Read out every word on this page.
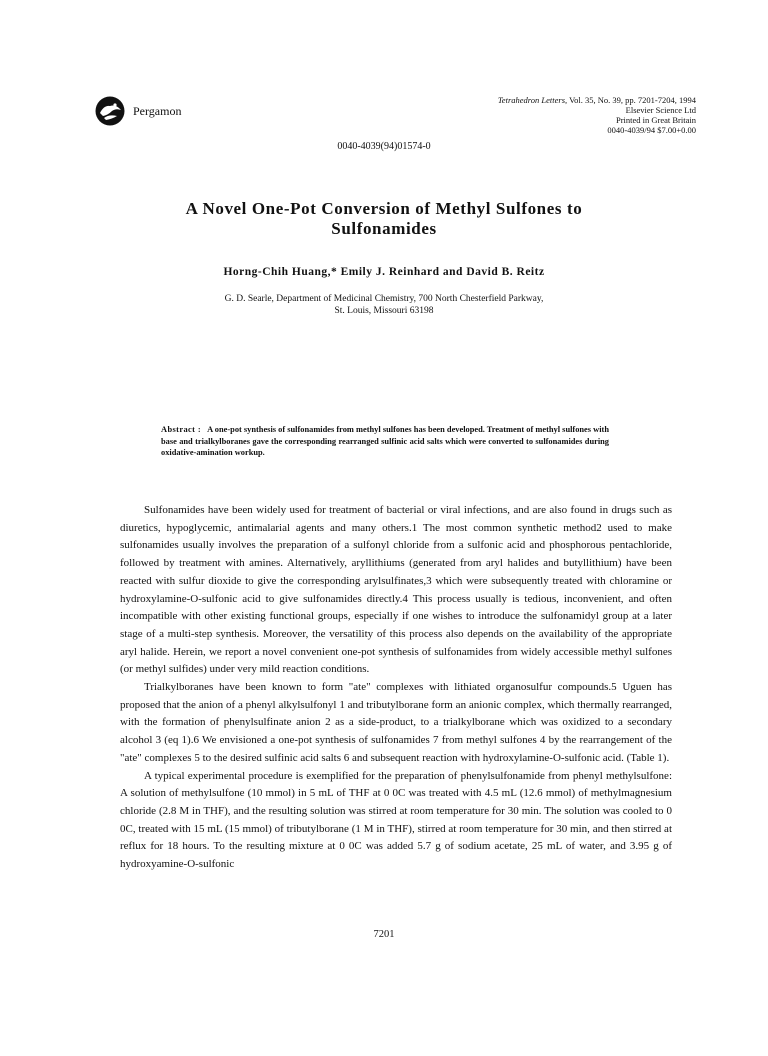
Pergamon
Tetrahedron Letters, Vol. 35, No. 39, pp. 7201-7204, 1994
Elsevier Science Ltd
Printed in Great Britain
0040-4039/94 $7.00+0.00
0040-4039(94)01574-0
A Novel One-Pot Conversion of Methyl Sulfones to
Sulfonamides
Horng-Chih Huang,* Emily J. Reinhard and David B. Reitz
G. D. Searle, Department of Medicinal Chemistry, 700 North Chesterfield Parkway,
St. Louis, Missouri 63198
Abstract : A one-pot synthesis of sulfonamides from methyl sulfones has been developed. Treatment of methyl sulfones with base and trialkylboranes gave the corresponding rearranged sulfinic acid salts which were converted to sulfonamides during oxidative-amination workup.

Sulfonamides have been widely used for treatment of bacterial or viral infections, and are also found in drugs such as diuretics, hypoglycemic, antimalarial agents and many others.1 The most common synthetic method2 used to make sulfonamides usually involves the preparation of a sulfonyl chloride from a sulfonic acid and phosphorous pentachloride, followed by treatment with amines. Alternatively, aryllithiums (generated from aryl halides and butyllithium) have been reacted with sulfur dioxide to give the corresponding arylsulfinates,3 which were subsequently treated with chloramine or hydroxylamine-O-sulfonic acid to give sulfonamides directly.4 This process usually is tedious, inconvenient, and often incompatible with other existing functional groups, especially if one wishes to introduce the sulfonamidyl group at a later stage of a multi-step synthesis. Moreover, the versatility of this process also depends on the availability of the appropriate aryl halide. Herein, we report a novel convenient one-pot synthesis of sulfonamides from widely accessible methyl sulfones (or methyl sulfides) under very mild reaction conditions.

Trialkylboranes have been known to form "ate" complexes with lithiated organosulfur compounds.5 Uguen has proposed that the anion of a phenyl alkylsulfonyl 1 and tributylborane form an anionic complex, which thermally rearranged, with the formation of phenylsulfinate anion 2 as a side-product, to a trialkylborane which was oxidized to a secondary alcohol 3 (eq 1).6 We envisioned a one-pot synthesis of sulfonamides 7 from methyl sulfones 4 by the rearrangement of the "ate" complexes 5 to the desired sulfinic acid salts 6 and subsequent reaction with hydroxylamine-O-sulfonic acid. (Table 1).

A typical experimental procedure is exemplified for the preparation of phenylsulfonamide from phenyl methylsulfone: A solution of methylsulfone (10 mmol) in 5 mL of THF at 0 0C was treated with 4.5 mL (12.6 mmol) of methylmagnesium chloride (2.8 M in THF), and the resulting solution was stirred at room temperature for 30 min. The solution was cooled to 0 0C, treated with 15 mL (15 mmol) of tributylborane (1 M in THF), stirred at room temperature for 30 min, and then stirred at reflux for 18 hours. To the resulting mixture at 0 0C was added 5.7 g of sodium acetate, 25 mL of water, and 3.95 g of hydroxyamine-O-sulfonic

7201
